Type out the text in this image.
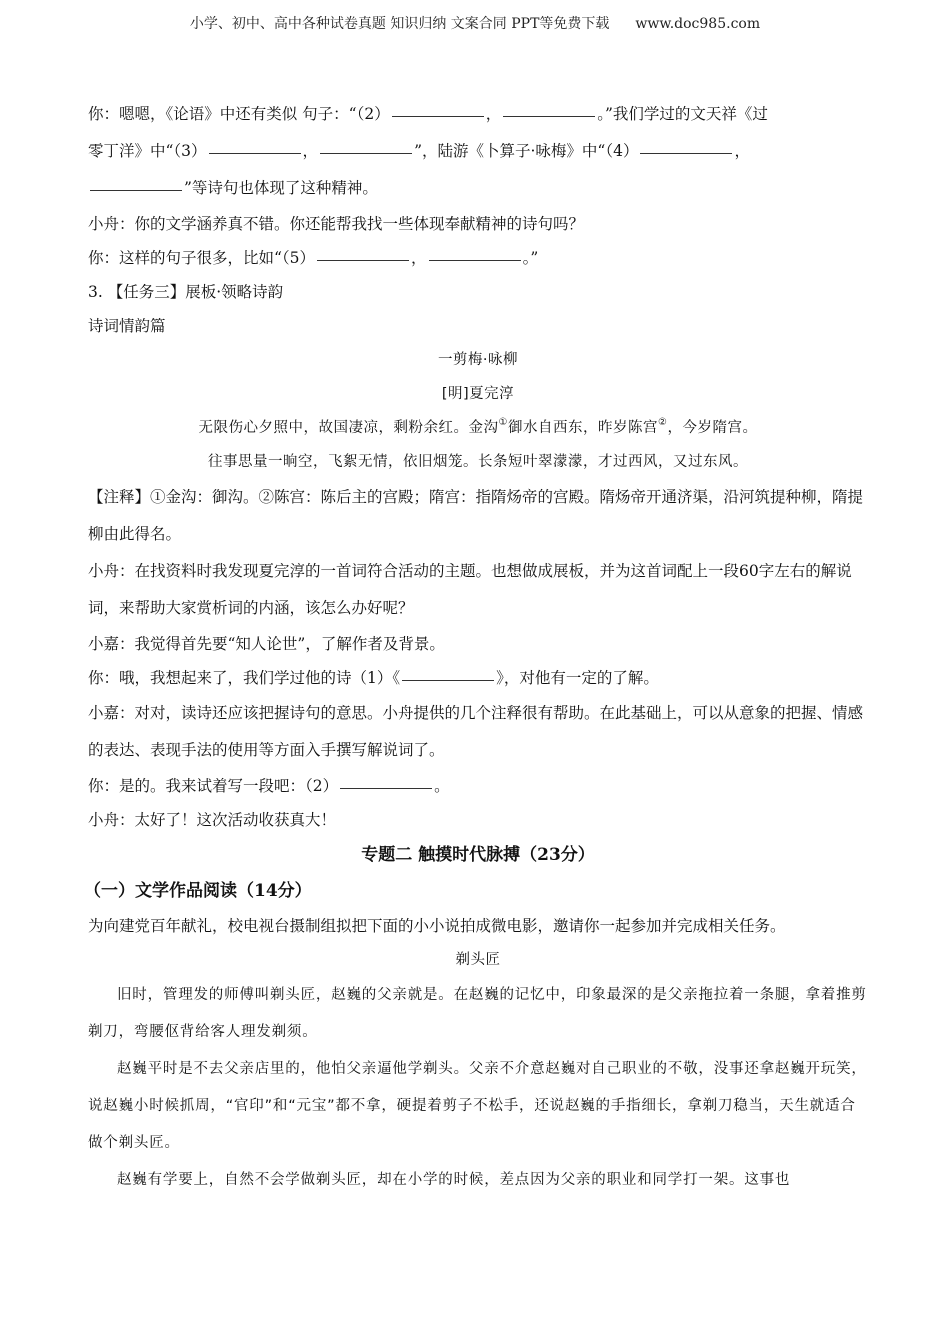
小学、初中、高中各种试卷真题 知识归纳 文案合同 PPT等免费下载 www.doc985.com

你：嗯嗯，《论语》中还有类似 句子：“（2）	，	。”我们学过的文天祥《过

零丁洋》中“（3）	，	”，陆游《卜算子·咏梅》中“（4）	，

”等诗句也体现了这种精神。

小舟：你的文学涵养真不错。你还能帮我找一些体现奉献精神的诗句吗？

你：这样的句子很多，比如“（5）	，	。”

3. 【任务三】展板·领略诗韵

诗词情韵篇

一剪梅·咏柳

[明]夏完淳

无限伤心夕照中，故国凄凉，剩粉余红。金沟①御水自西东，昨岁陈宫②，今岁隋宫。

往事思量一晌空，飞絮无情，依旧烟笼。长条短叶翠濛濛，才过西风，又过东风。

【注释】①金沟：御沟。②陈宫：陈后主的宫殿；隋宫：指隋炀帝的宫殿。隋炀帝开通济渠，沿河筑提种柳，隋提柳由此得名。

小舟：在找资料时我发现夏完淳的一首词符合活动的主题。也想做成展板，并为这首词配上一段60字左右的解说词，来帮助大家赏析词的内涵，该怎么办好呢？

小嘉：我觉得首先要“知人论世”，了解作者及背景。

你：哦，我想起来了，我们学过他的诗（1）《	》，对他有一定的了解。

小嘉：对对，读诗还应该把握诗句的意思。小舟提供的几个注释很有帮助。在此基础上，可以从意象的把握、情感的表达、表现手法的使用等方面入手撰写解说词了。

你：是的。我来试着写一段吧：（2）	。

小舟：太好了！这次活动收获真大！

专题二 触摸时代脉搏（23分）

（一）文学作品阅读（14分）

为向建党百年献礼，校电视台摄制组拟把下面的小小说拍成微电影，邀请你一起参加并完成相关任务。

剃头匠

旧时，管理发的师傅叫剃头匠，赵巍的父亲就是。在赵巍的记忆中，印象最深的是父亲拖拉着一条腿，拿着推剪剃刀，弯腰伛背给客人理发剃须。

赵巍平时是不去父亲店里的，他怕父亲逼他学剃头。父亲不介意赵巍对自己职业的不敬，没事还拿赵巍开玩笑，说赵巍小时候抓周，“官印”和“元宝”都不拿，硬提着剪子不松手，还说赵巍的手指细长，拿剃刀稳当，天生就适合做个剃头匠。

赵巍有学要上，自然不会学做剃头匠，却在小学的时候，差点因为父亲的职业和同学打一架。这事也
